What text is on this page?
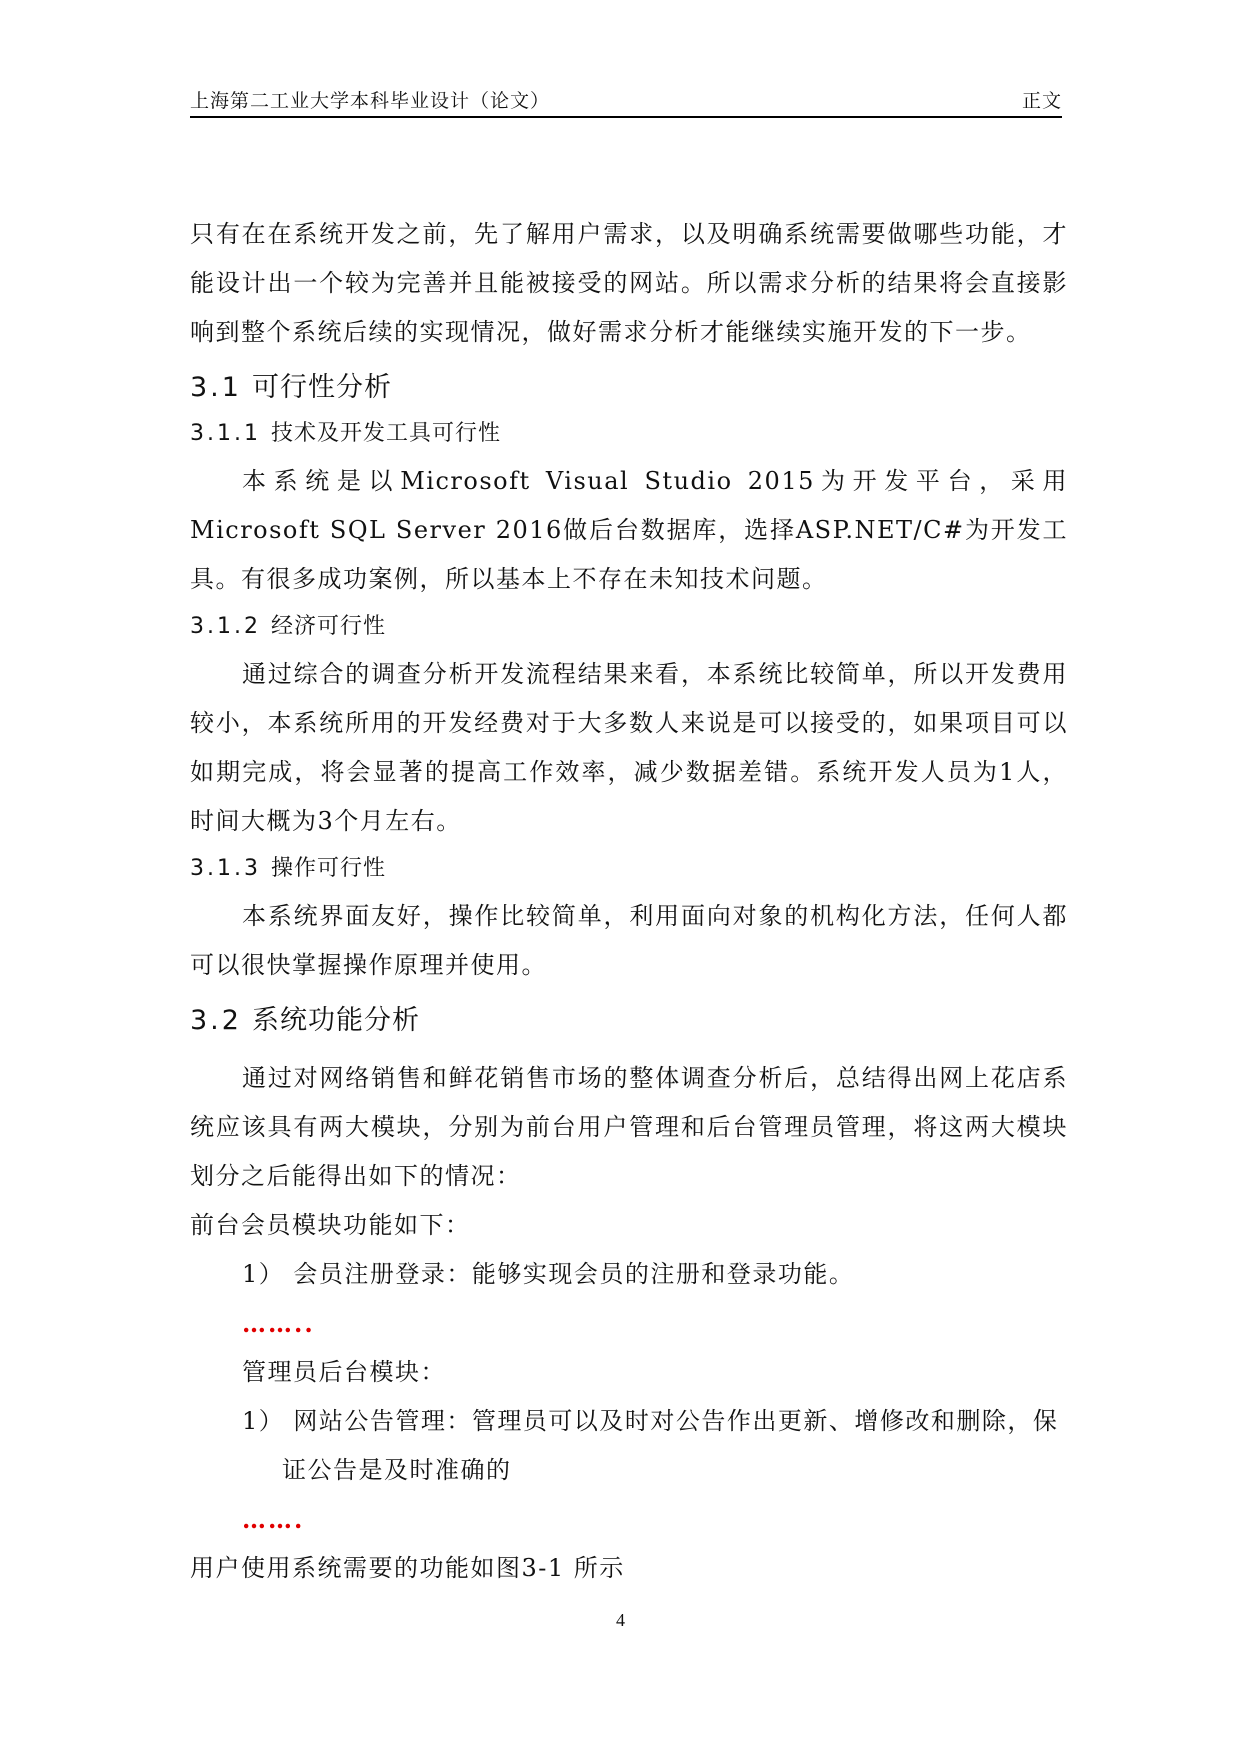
上海第二工业大学本科毕业设计（论文）	正文

只有在在系统开发之前，先了解用户需求，以及明确系统需要做哪些功能，才能设计出一个较为完善并且能被接受的网站。所以需求分析的结果将会直接影响到整个系统后续的实现情况，做好需求分析才能继续实施开发的下一步。

3.1 可行性分析
3.1.1 技术及开发工具可行性

本系统是以Microsoft Visual Studio 2015为开发平台，采用Microsoft SQL Server 2016做后台数据库，选择ASP.NET/C#为开发工具。有很多成功案例，所以基本上不存在未知技术问题。

3.1.2 经济可行性

通过综合的调查分析开发流程结果来看，本系统比较简单，所以开发费用较小，本系统所用的开发经费对于大多数人来说是可以接受的，如果项目可以如期完成，将会显著的提高工作效率，减少数据差错。系统开发人员为1人，时间大概为3个月左右。

3.1.3 操作可行性

本系统界面友好，操作比较简单，利用面向对象的机构化方法，任何人都可以很快掌握操作原理并使用。

3.2 系统功能分析

通过对网络销售和鲜花销售市场的整体调查分析后，总结得出网上花店系统应该具有两大模块，分别为前台用户管理和后台管理员管理，将这两大模块划分之后能得出如下的情况：

前台会员模块功能如下：
1） 会员注册登录：能够实现会员的注册和登录功能。
……..
管理员后台模块：
1） 网站公告管理：管理员可以及时对公告作出更新、增修改和删除，保证公告是及时准确的
…….
用户使用系统需要的功能如图3-1 所示
4
